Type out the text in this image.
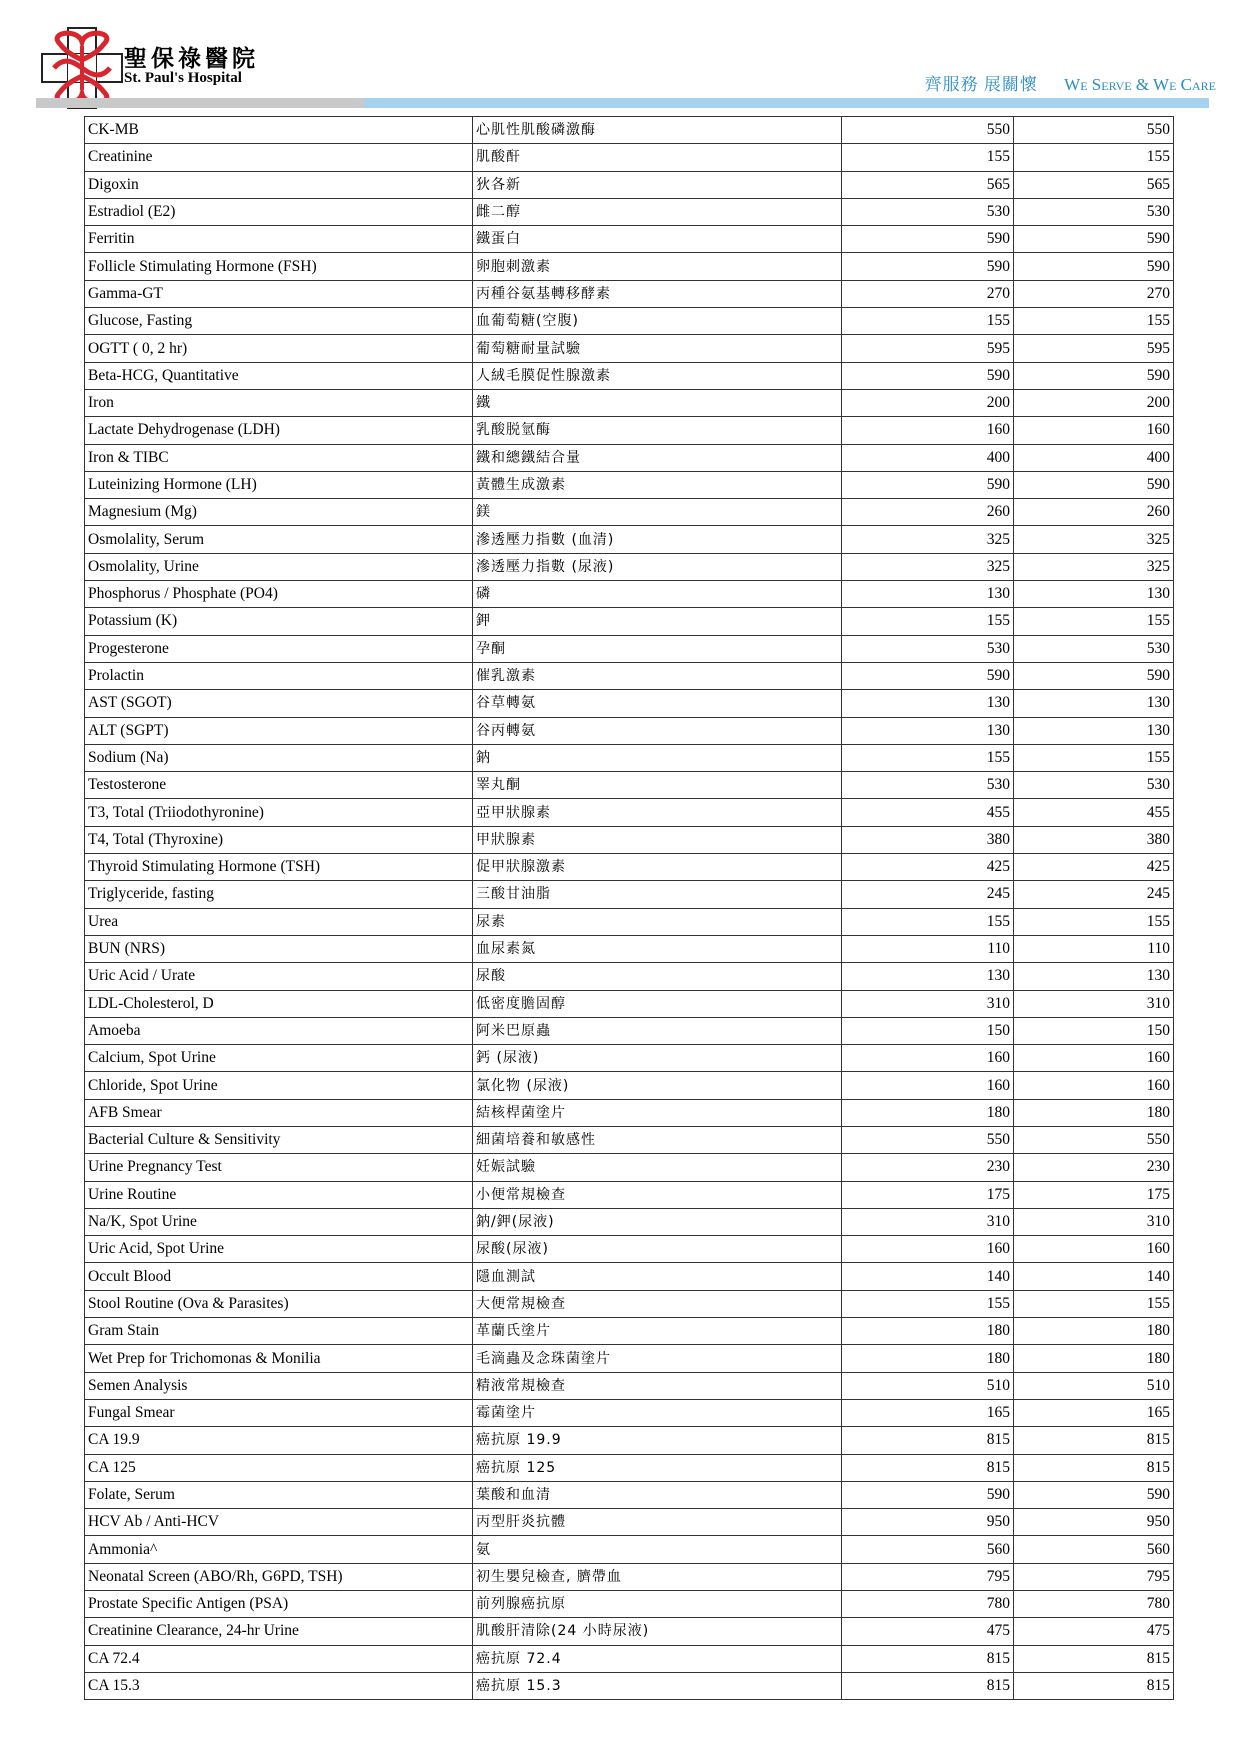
聖保祿醫院
St. Paul's Hospital	齊服務 展關懷 We Serve & We Care
CK-MB	心肌性肌酸磷激酶	550	550
Creatinine	肌酸酐	155	155
Digoxin	狄各新	565	565
Estradiol (E2)	雌二醇	530	530
Ferritin	鐵蛋白	590	590
Follicle Stimulating Hormone (FSH)	卵胞刺激素	590	590
Gamma-GT	丙種谷氨基轉移酵素	270	270
Glucose, Fasting	血葡萄糖(空腹)	155	155
OGTT ( 0, 2 hr)	葡萄糖耐量試驗	595	595
Beta-HCG, Quantitative	人絨毛膜促性腺激素	590	590
Iron	鐵	200	200
Lactate Dehydrogenase (LDH)	乳酸脱氫酶	160	160
Iron & TIBC	鐵和總鐵結合量	400	400
Luteinizing Hormone (LH)	黃體生成激素	590	590
Magnesium (Mg)	鎂	260	260
Osmolality, Serum	滲透壓力指數 (血清)	325	325
Osmolality, Urine	滲透壓力指數 (尿液)	325	325
Phosphorus / Phosphate (PO4)	磷	130	130
Potassium (K)	鉀	155	155
Progesterone	孕酮	530	530
Prolactin	催乳激素	590	590
AST (SGOT)	谷草轉氨	130	130
ALT (SGPT)	谷丙轉氨	130	130
Sodium (Na)	鈉	155	155
Testosterone	睪丸酮	530	530
T3, Total (Triiodothyronine)	亞甲狀腺素	455	455
T4, Total (Thyroxine)	甲狀腺素	380	380
Thyroid Stimulating Hormone (TSH)	促甲狀腺激素	425	425
Triglyceride, fasting	三酸甘油脂	245	245
Urea	尿素	155	155
BUN (NRS)	血尿素氮	110	110
Uric Acid / Urate	尿酸	130	130
LDL-Cholesterol, D	低密度膽固醇	310	310
Amoeba	阿米巴原蟲	150	150
Calcium, Spot Urine	鈣 (尿液)	160	160
Chloride, Spot Urine	氯化物 (尿液)	160	160
AFB Smear	結核桿菌塗片	180	180
Bacterial Culture & Sensitivity	細菌培養和敏感性	550	550
Urine Pregnancy Test	妊娠試驗	230	230
Urine Routine	小便常規檢查	175	175
Na/K, Spot Urine	鈉/鉀(尿液)	310	310
Uric Acid, Spot Urine	尿酸(尿液)	160	160
Occult Blood	隱血測試	140	140
Stool Routine (Ova & Parasites)	大便常規檢查	155	155
Gram Stain	革蘭氏塗片	180	180
Wet Prep for Trichomonas & Monilia	毛滴蟲及念珠菌塗片	180	180
Semen Analysis	精液常規檢查	510	510
Fungal Smear	霉菌塗片	165	165
CA 19.9	癌抗原 19.9	815	815
CA 125	癌抗原 125	815	815
Folate, Serum	葉酸和血清	590	590
HCV Ab / Anti-HCV	丙型肝炎抗體	950	950
Ammonia^	氨	560	560
Neonatal Screen (ABO/Rh, G6PD, TSH)	初生嬰兒檢查, 臍帶血	795	795
Prostate Specific Antigen (PSA)	前列腺癌抗原	780	780
Creatinine Clearance, 24-hr Urine	肌酸肝清除(24 小時尿液)	475	475
CA 72.4	癌抗原 72.4	815	815
CA 15.3	癌抗原 15.3	815	815
